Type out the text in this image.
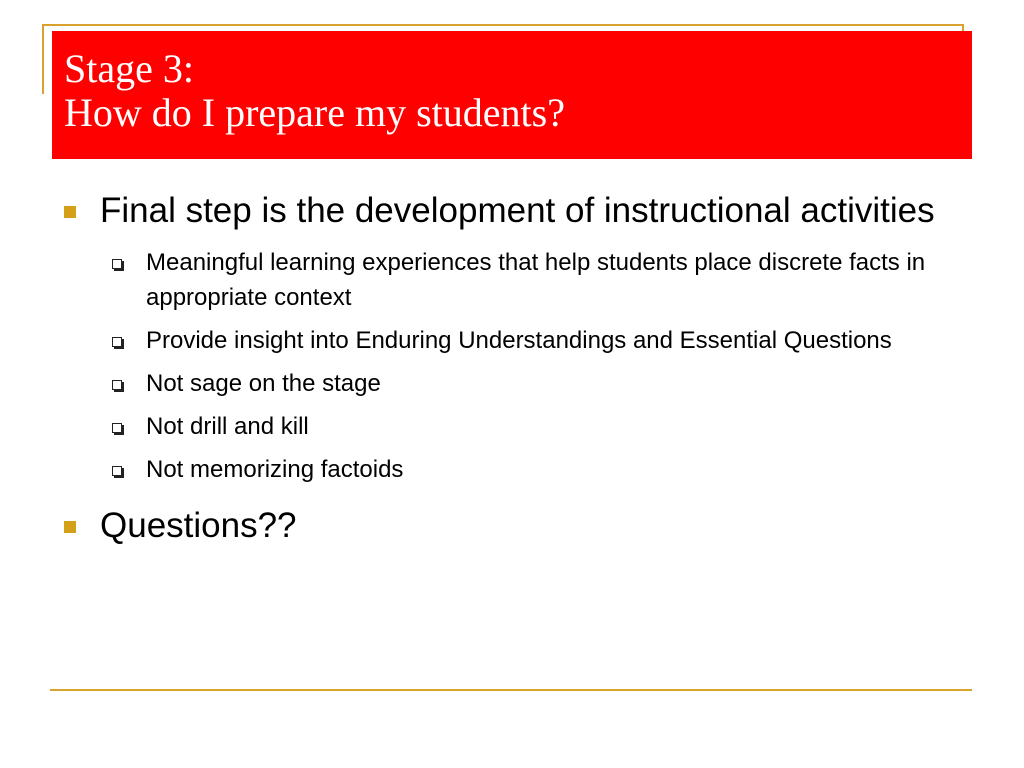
Stage 3:
How do I prepare my students?
Final step is the development of instructional activities
Meaningful learning experiences that help students place discrete facts in appropriate context
Provide insight into Enduring Understandings and Essential Questions
Not sage on the stage
Not drill and kill
Not memorizing factoids
Questions??
